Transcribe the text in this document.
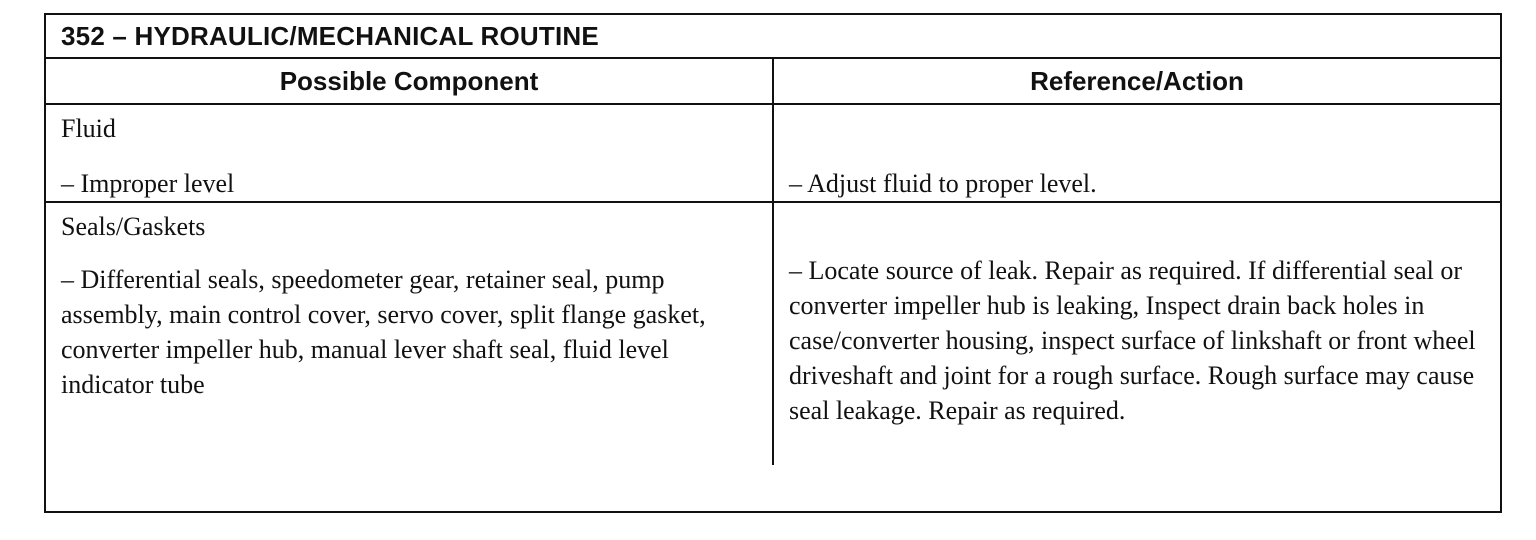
352 – HYDRAULIC/MECHANICAL ROUTINE
Possible Component	Reference/Action
Fluid
– Improper level	– Adjust fluid to proper level.
Seals/Gaskets
– Differential seals, speedometer gear, retainer seal, pump assembly, main control cover, servo cover, split flange gasket, converter impeller hub, manual lever shaft seal, fluid level indicator tube
– Locate source of leak. Repair as required. If differential seal or converter impeller hub is leaking, Inspect drain back holes in case/converter housing, inspect surface of linkshaft or front wheel driveshaft and joint for a rough surface. Rough surface may cause seal leakage. Repair as required.
